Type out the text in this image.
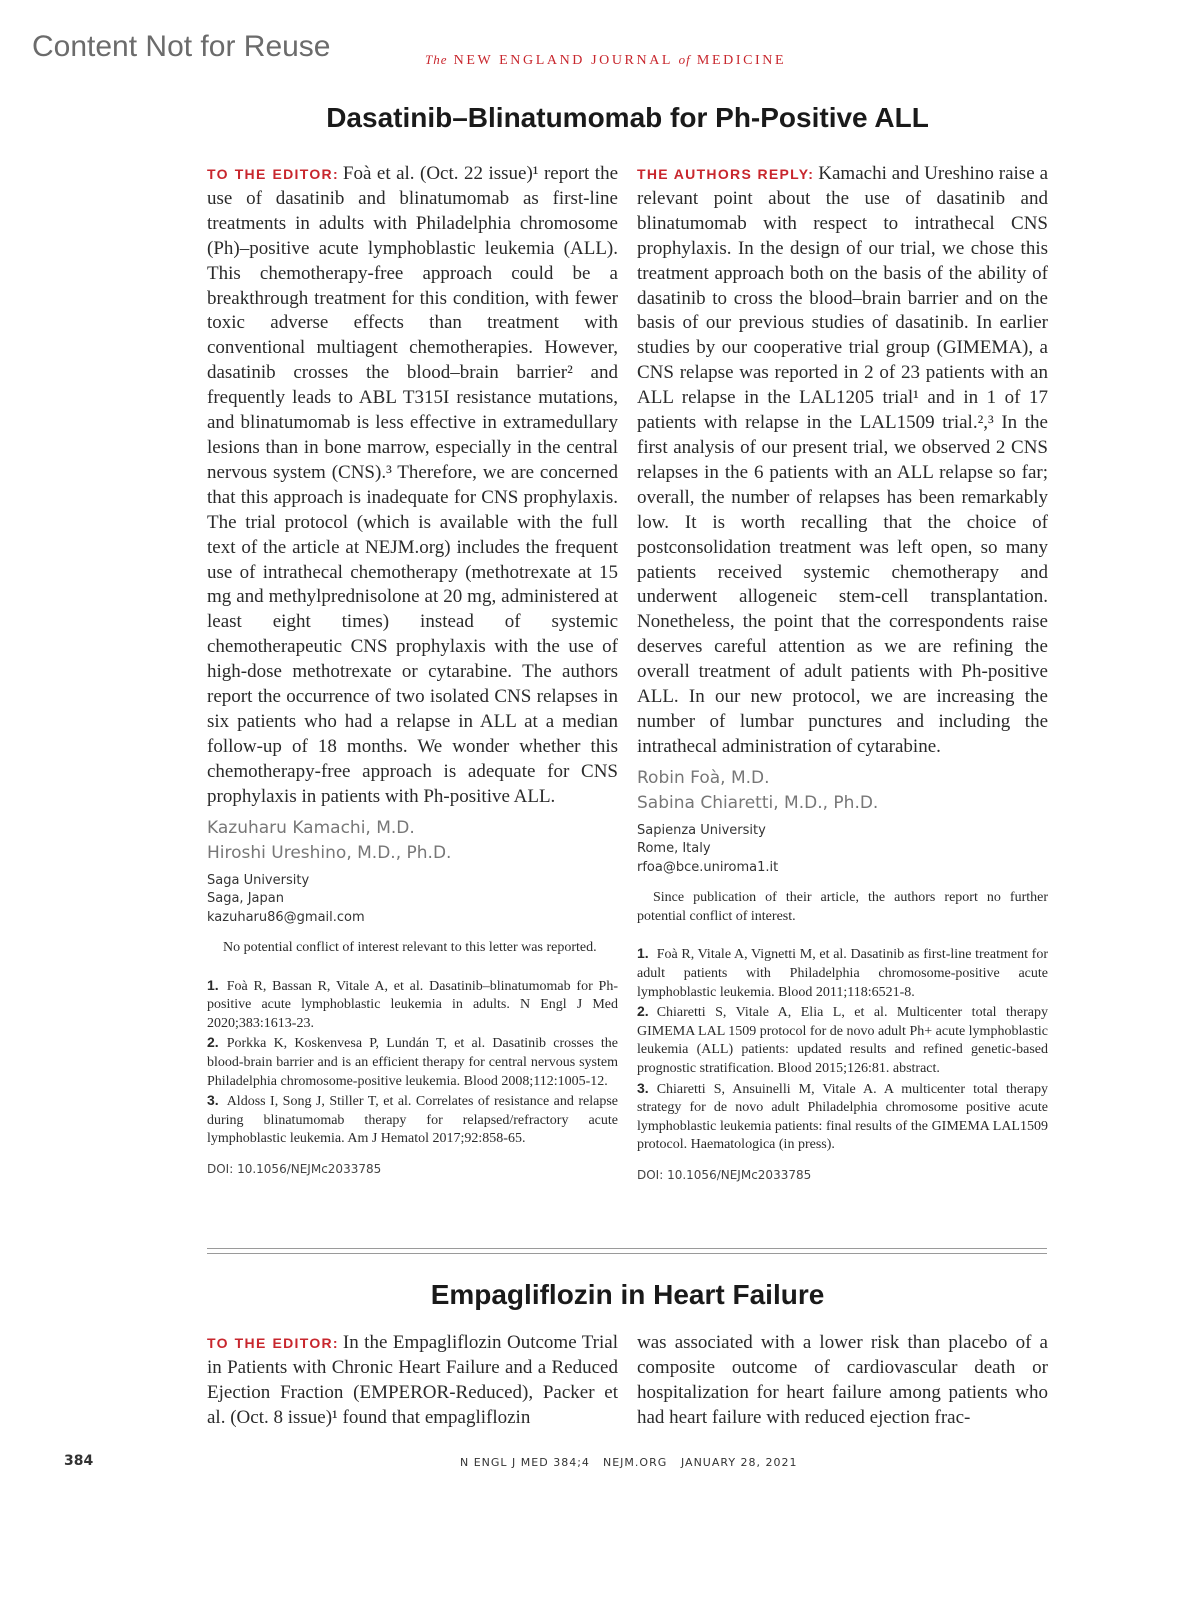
Content Not for Reuse	The NEW ENGLAND JOURNAL of MEDICINE
Dasatinib–Blinatumomab for Ph-Positive ALL
TO THE EDITOR: Foà et al. (Oct. 22 issue)¹ report the use of dasatinib and blinatumomab as first-line treatments in adults with Philadelphia chromosome (Ph)–positive acute lymphoblastic leukemia (ALL). This chemotherapy-free approach could be a breakthrough treatment for this condition, with fewer toxic adverse effects than treatment with conventional multiagent chemotherapies. However, dasatinib crosses the blood–brain barrier² and frequently leads to ABL T315I resistance mutations, and blinatumomab is less effective in extramedullary lesions than in bone marrow, especially in the central nervous system (CNS).³ Therefore, we are concerned that this approach is inadequate for CNS prophylaxis. The trial protocol (which is available with the full text of the article at NEJM.org) includes the frequent use of intrathecal chemotherapy (methotrexate at 15 mg and methylprednisolone at 20 mg, administered at least eight times) instead of systemic chemotherapeutic CNS prophylaxis with the use of high-dose methotrexate or cytarabine. The authors report the occurrence of two isolated CNS relapses in six patients who had a relapse in ALL at a median follow-up of 18 months. We wonder whether this chemotherapy-free approach is adequate for CNS prophylaxis in patients with Ph-positive ALL.
Kazuharu Kamachi, M.D.
Hiroshi Ureshino, M.D., Ph.D.
Saga University
Saga, Japan
kazuharu86@gmail.com
No potential conflict of interest relevant to this letter was reported.
1. Foà R, Bassan R, Vitale A, et al. Dasatinib–blinatumomab for Ph-positive acute lymphoblastic leukemia in adults. N Engl J Med 2020;383:1613-23.
2. Porkka K, Koskenvesa P, Lundán T, et al. Dasatinib crosses the blood-brain barrier and is an efficient therapy for central nervous system Philadelphia chromosome-positive leukemia. Blood 2008;112:1005-12.
3. Aldoss I, Song J, Stiller T, et al. Correlates of resistance and relapse during blinatumomab therapy for relapsed/refractory acute lymphoblastic leukemia. Am J Hematol 2017;92:858-65.
DOI: 10.1056/NEJMc2033785
THE AUTHORS REPLY: Kamachi and Ureshino raise a relevant point about the use of dasatinib and blinatumomab with respect to intrathecal CNS prophylaxis. In the design of our trial, we chose this treatment approach both on the basis of the ability of dasatinib to cross the blood–brain barrier and on the basis of our previous studies of dasatinib. In earlier studies by our cooperative trial group (GIMEMA), a CNS relapse was reported in 2 of 23 patients with an ALL relapse in the LAL1205 trial¹ and in 1 of 17 patients with relapse in the LAL1509 trial.²,³ In the first analysis of our present trial, we observed 2 CNS relapses in the 6 patients with an ALL relapse so far; overall, the number of relapses has been remarkably low. It is worth recalling that the choice of postconsolidation treatment was left open, so many patients received systemic chemotherapy and underwent allogeneic stem-cell transplantation. Nonetheless, the point that the correspondents raise deserves careful attention as we are refining the overall treatment of adult patients with Ph-positive ALL. In our new protocol, we are increasing the number of lumbar punctures and including the intrathecal administration of cytarabine.
Robin Foà, M.D.
Sabina Chiaretti, M.D., Ph.D.
Sapienza University
Rome, Italy
rfoa@bce.uniroma1.it
Since publication of their article, the authors report no further potential conflict of interest.
1. Foà R, Vitale A, Vignetti M, et al. Dasatinib as first-line treatment for adult patients with Philadelphia chromosome-positive acute lymphoblastic leukemia. Blood 2011;118:6521-8.
2. Chiaretti S, Vitale A, Elia L, et al. Multicenter total therapy GIMEMA LAL 1509 protocol for de novo adult Ph+ acute lymphoblastic leukemia (ALL) patients: updated results and refined genetic-based prognostic stratification. Blood 2015;126:81. abstract.
3. Chiaretti S, Ansuinelli M, Vitale A. A multicenter total therapy strategy for de novo adult Philadelphia chromosome positive acute lymphoblastic leukemia patients: final results of the GIMEMA LAL1509 protocol. Haematologica (in press).
DOI: 10.1056/NEJMc2033785
Empagliflozin in Heart Failure
TO THE EDITOR: In the Empagliflozin Outcome Trial in Patients with Chronic Heart Failure and a Reduced Ejection Fraction (EMPEROR-Reduced), Packer et al. (Oct. 8 issue)¹ found that empagliflozin
was associated with a lower risk than placebo of a composite outcome of cardiovascular death or hospitalization for heart failure among patients who had heart failure with reduced ejection frac-
384	N ENGL J MED 384;4 NEJM.ORG JANUARY 28, 2021
